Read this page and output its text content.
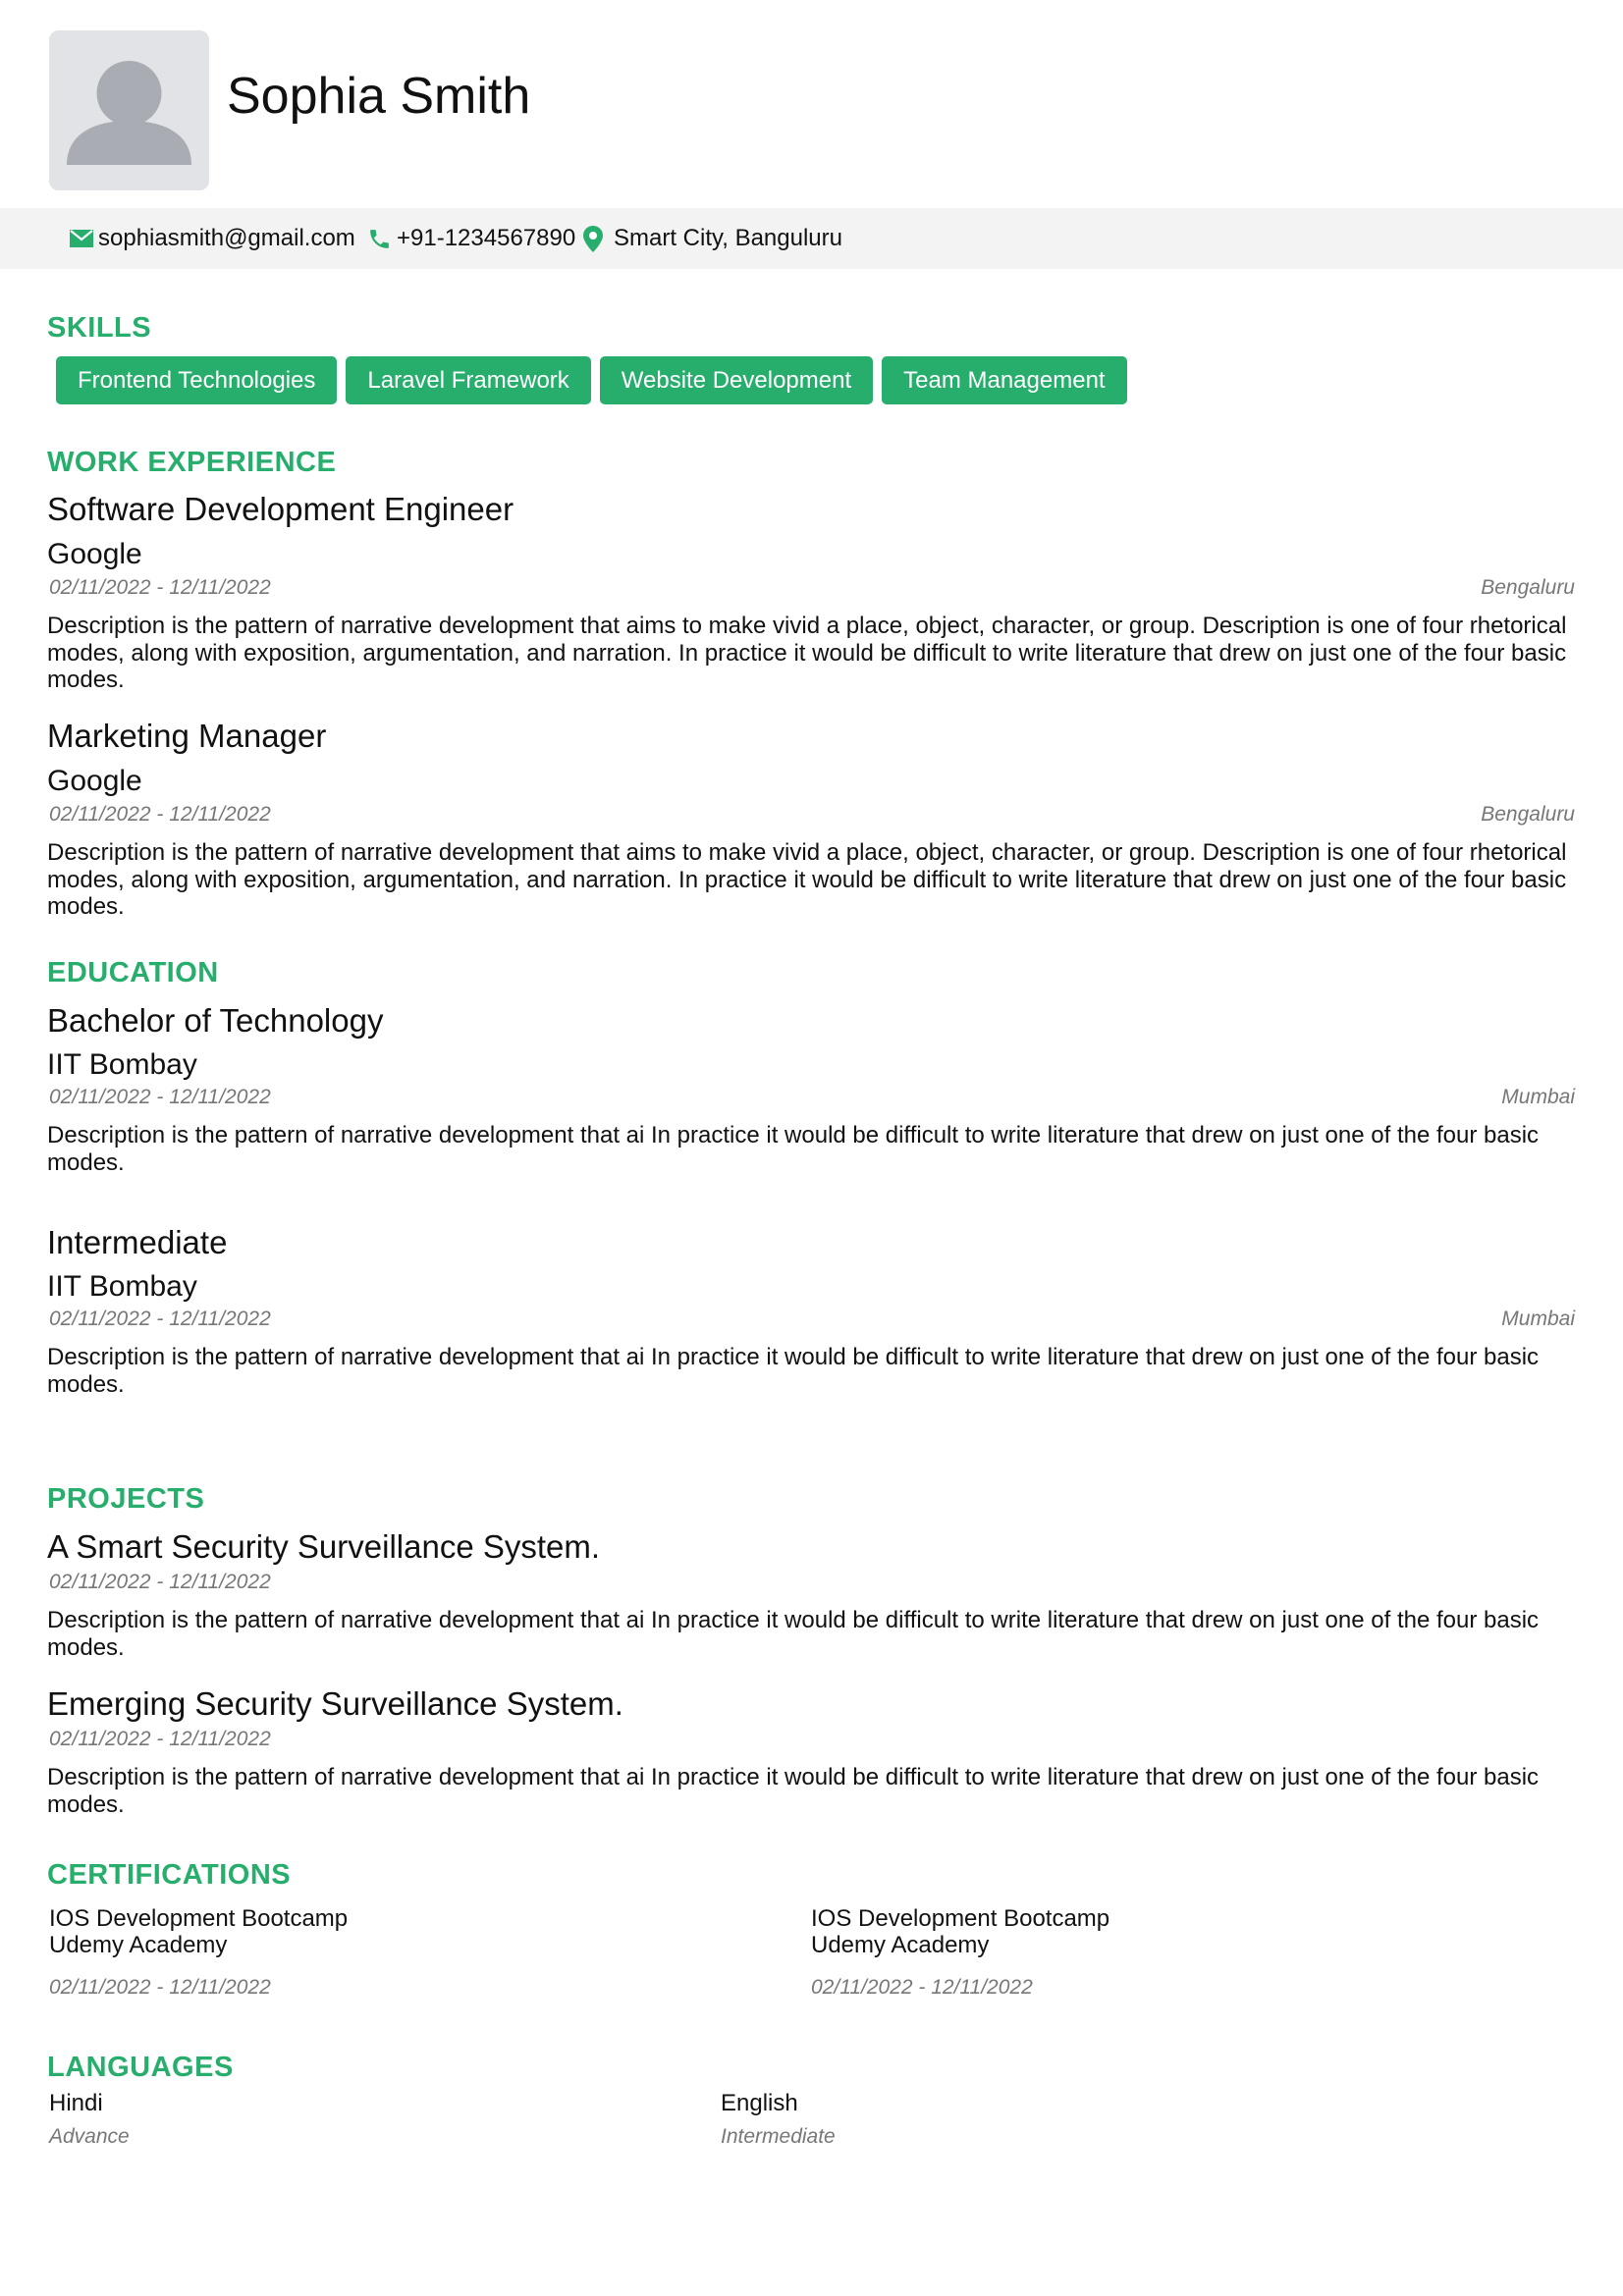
Sophia Smith
sophiasmith@gmail.com +91-1234567890 Smart City, Banguluru
SKILLS
Frontend Technologies	Laravel Framework	Website Development	Team Management
WORK EXPERIENCE
Software Development Engineer
Google
02/11/2022 - 12/11/2022	Bengaluru
Description is the pattern of narrative development that aims to make vivid a place, object, character, or group. Description is one of four rhetorical modes, along with exposition, argumentation, and narration. In practice it would be difficult to write literature that drew on just one of the four basic modes.
Marketing Manager
Google
02/11/2022 - 12/11/2022	Bengaluru
Description is the pattern of narrative development that aims to make vivid a place, object, character, or group. Description is one of four rhetorical modes, along with exposition, argumentation, and narration. In practice it would be difficult to write literature that drew on just one of the four basic modes.
EDUCATION
Bachelor of Technology
IIT Bombay
02/11/2022 - 12/11/2022	Mumbai
Description is the pattern of narrative development that ai In practice it would be difficult to write literature that drew on just one of the four basic modes.
Intermediate
IIT Bombay
02/11/2022 - 12/11/2022	Mumbai
Description is the pattern of narrative development that ai In practice it would be difficult to write literature that drew on just one of the four basic modes.
PROJECTS
A Smart Security Surveillance System.
02/11/2022 - 12/11/2022
Description is the pattern of narrative development that ai In practice it would be difficult to write literature that drew on just one of the four basic modes.
Emerging Security Surveillance System.
02/11/2022 - 12/11/2022
Description is the pattern of narrative development that ai In practice it would be difficult to write literature that drew on just one of the four basic modes.
CERTIFICATIONS
IOS Development Bootcamp
Udemy Academy
02/11/2022 - 12/11/2022
IOS Development Bootcamp
Udemy Academy
02/11/2022 - 12/11/2022
LANGUAGES
Hindi
Advance
English
Intermediate
